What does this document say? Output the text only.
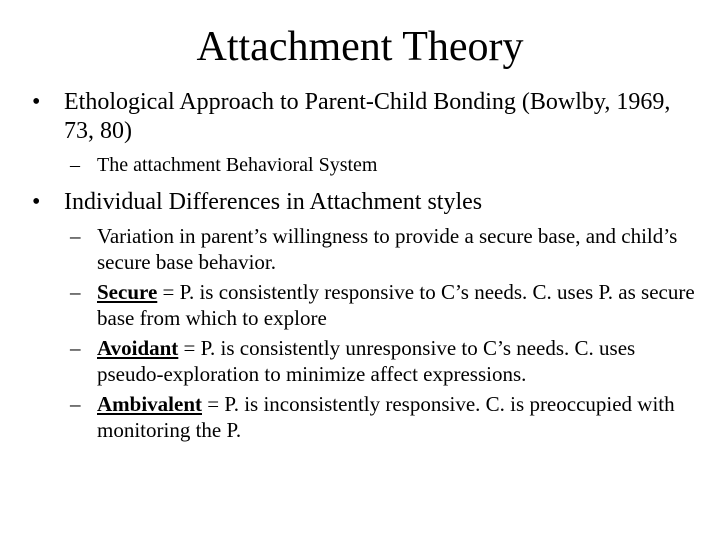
Attachment Theory
• Ethological Approach to Parent-Child Bonding (Bowlby, 1969, 73, 80)
– The attachment Behavioral System
• Individual Differences in Attachment styles
– Variation in parent’s willingness to provide a secure base, and child’s secure base behavior.
– Secure = P. is consistently responsive to C’s needs. C. uses P. as secure base from which to explore
– Avoidant = P. is consistently unresponsive to C’s needs. C. uses pseudo-exploration to minimize affect expressions.
– Ambivalent = P. is inconsistently responsive. C. is preoccupied with monitoring the P.
